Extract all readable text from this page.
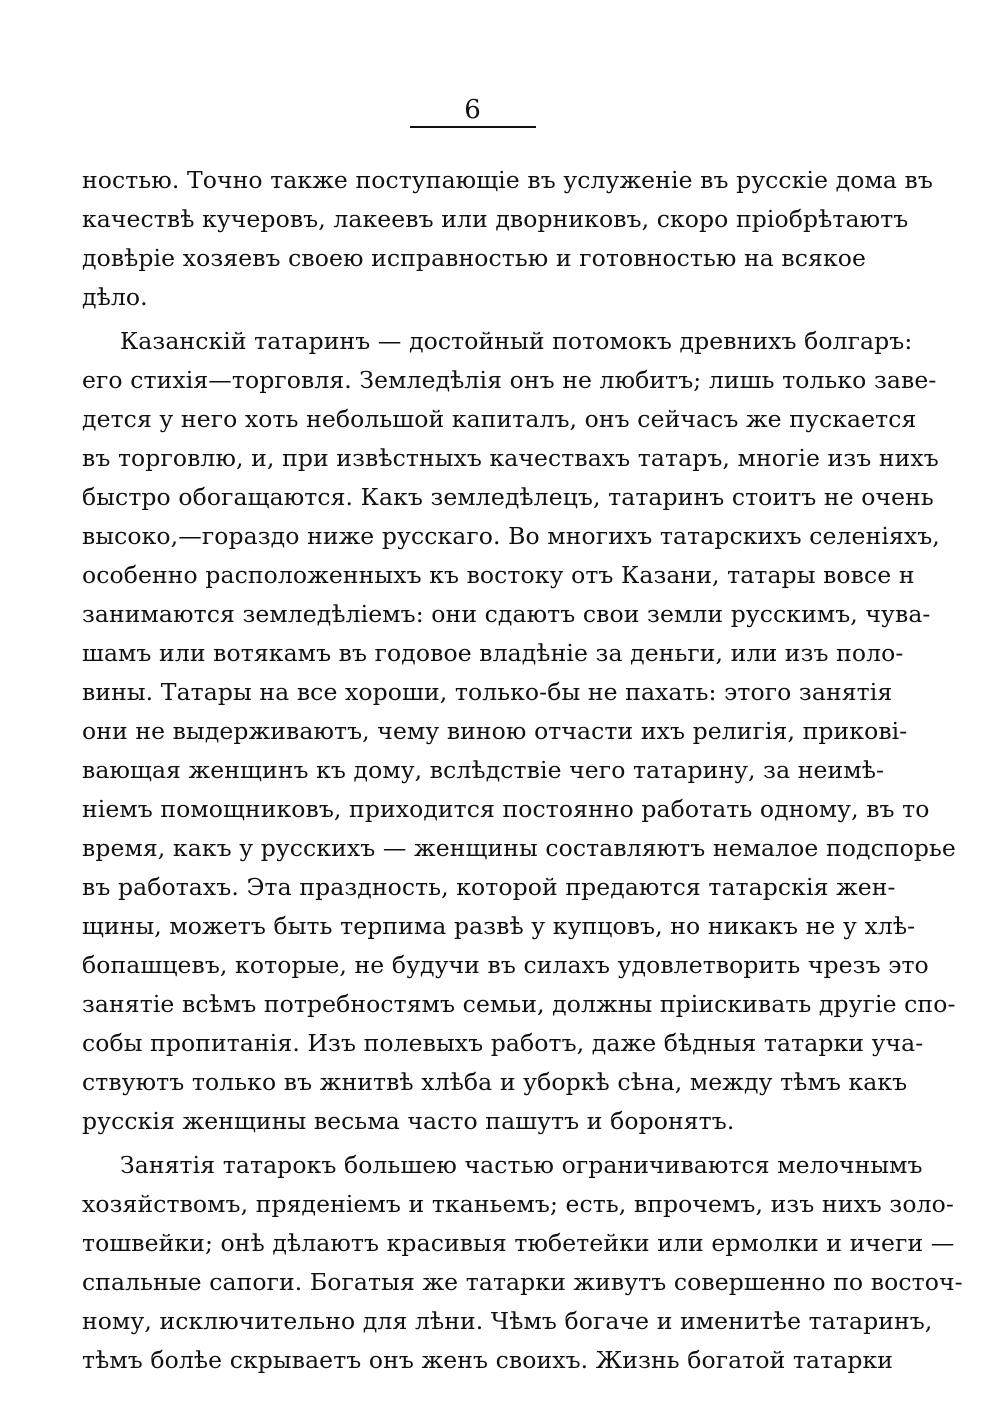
6
ностью. Точно также поступающіе въ услуженіе въ русскіе дома въ
качествѣ кучеровъ, лакеевъ или дворниковъ, скоро пріобрѣтаютъ
довѣріе хозяевъ своею исправностью и готовностью на всякое
дѣло.
Казанскій татаринъ — достойный потомокъ древнихъ болгаръ:
его стихія—торговля. Земледѣлія онъ не любитъ; лишь только заве-
дется у него хоть небольшой капиталъ, онъ сейчасъ же пускается
въ торговлю, и, при извѣстныхъ качествахъ татаръ, многіе изъ нихъ
быстро обогащаются. Какъ земледѣлецъ, татаринъ стоитъ не очень
высоко,—гораздо ниже русскаго. Во многихъ татарскихъ селеніяхъ,
особенно расположенныхъ къ востоку отъ Казани, татары вовсе н
занимаются земледѣліемъ: они сдаютъ свои земли русскимъ, чува-
шамъ или вотякамъ въ годовое владѣніе за деньги, или изъ поло-
вины. Татары на все хороши, только-бы не пахать: этого занятія
они не выдерживаютъ, чему виною отчасти ихъ религія, прикові-
вающая женщинъ къ дому, вслѣдствіе чего татарину, за неимѣ-
ніемъ помощниковъ, приходится постоянно работать одному, въ то
время, какъ у русскихъ — женщины составляютъ немалое подспорье
въ работахъ. Эта праздность, которой предаются татарскія жен-
щины, можетъ быть терпима развѣ у купцовъ, но никакъ не у хлѣ-
бопашцевъ, которые, не будучи въ силахъ удовлетворить чрезъ это
занятіе всѣмъ потребностямъ семьи, должны пріискивать другіе спо-
собы пропитанія. Изъ полевыхъ работъ, даже бѣдныя татарки уча-
ствуютъ только въ жнитвѣ хлѣба и уборкѣ сѣна, между тѣмъ какъ
русскія женщины весьма часто пашутъ и боронятъ.
Занятія татарокъ большею частью ограничиваются мелочнымъ
хозяйствомъ, пряденіемъ и тканьемъ; есть, впрочемъ, изъ нихъ золо-
тошвейки; онѣ дѣлаютъ красивыя тюбетейки или ермолки и ичеги —
спальные сапоги. Богатыя же татарки живутъ совершенно по восточ-
ному, исключительно для лѣни. Чѣмъ богаче и именитѣе татаринъ,
тѣмъ болѣе скрываетъ онъ женъ своихъ. Жизнь богатой татарки
